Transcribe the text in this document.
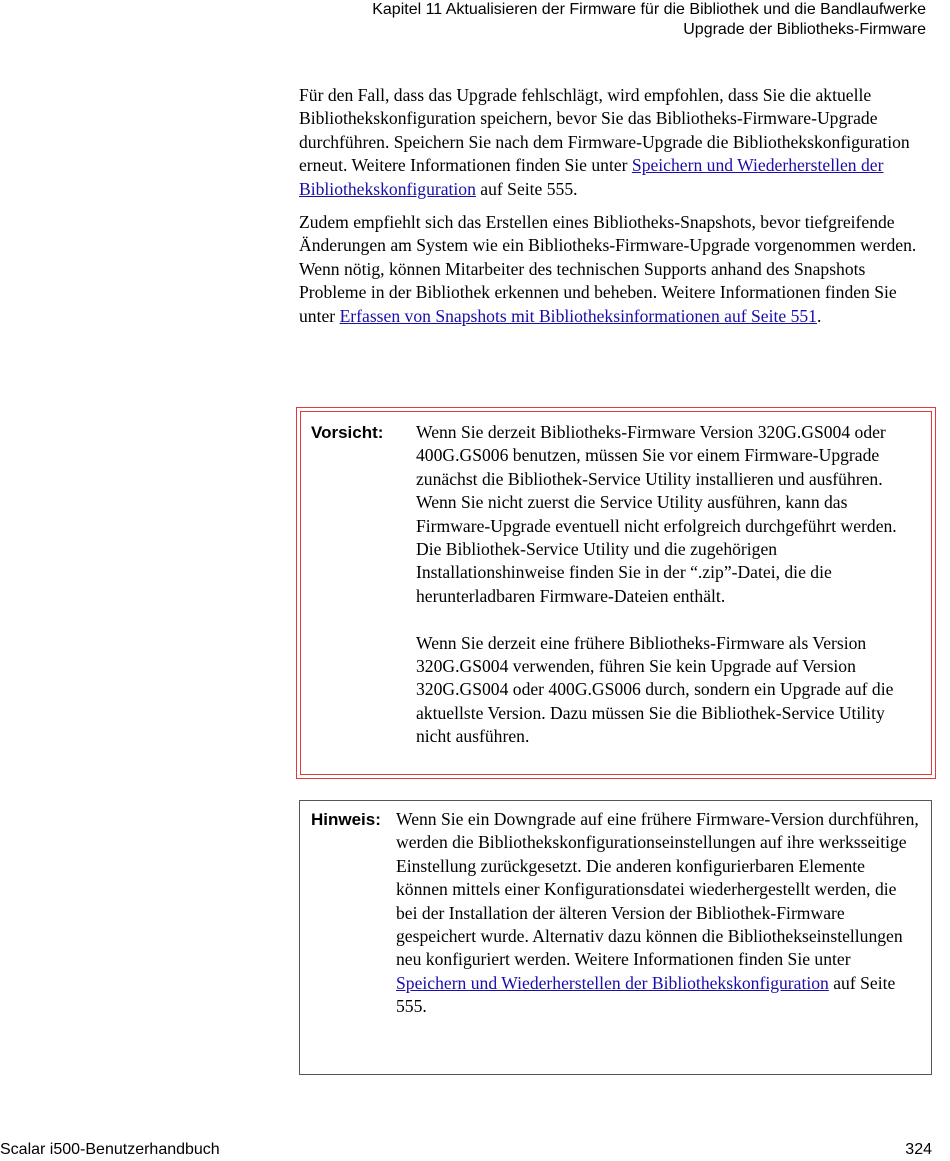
Kapitel 11 Aktualisieren der Firmware für die Bibliothek und die Bandlaufwerke
Upgrade der Bibliotheks-Firmware

Für den Fall, dass das Upgrade fehlschlägt, wird empfohlen, dass Sie die aktuelle Bibliothekskonfiguration speichern, bevor Sie das Bibliotheks-Firmware-Upgrade durchführen. Speichern Sie nach dem Firmware-Upgrade die Bibliothekskonfiguration erneut. Weitere Informationen finden Sie unter Speichern und Wiederherstellen der Bibliothekskonfiguration auf Seite 555.

Zudem empfiehlt sich das Erstellen eines Bibliotheks-Snapshots, bevor tiefgreifende Änderungen am System wie ein Bibliotheks-Firmware-Upgrade vorgenommen werden. Wenn nötig, können Mitarbeiter des technischen Supports anhand des Snapshots Probleme in der Bibliothek erkennen und beheben. Weitere Informationen finden Sie unter Erfassen von Snapshots mit Bibliotheksinformationen auf Seite 551.

Vorsicht: Wenn Sie derzeit Bibliotheks-Firmware Version 320G.GS004 oder 400G.GS006 benutzen, müssen Sie vor einem Firmware-Upgrade zunächst die Bibliothek-Service Utility installieren und ausführen. Wenn Sie nicht zuerst die Service Utility ausführen, kann das Firmware-Upgrade eventuell nicht erfolgreich durchgeführt werden. Die Bibliothek-Service Utility und die zugehörigen Installationshinweise finden Sie in der “.zip”-Datei, die die herunterladbaren Firmware-Dateien enthält.

Wenn Sie derzeit eine frühere Bibliotheks-Firmware als Version 320G.GS004 verwenden, führen Sie kein Upgrade auf Version 320G.GS004 oder 400G.GS006 durch, sondern ein Upgrade auf die aktuellste Version. Dazu müssen Sie die Bibliothek-Service Utility nicht ausführen.

Hinweis: Wenn Sie ein Downgrade auf eine frühere Firmware-Version durchführen, werden die Bibliothekskonfigurationseinstellungen auf ihre werksseitige Einstellung zurückgesetzt. Die anderen konfigurierbaren Elemente können mittels einer Konfigurationsdatei wiederhergestellt werden, die bei der Installation der älteren Version der Bibliothek-Firmware gespeichert wurde. Alternativ dazu können die Bibliothekseinstellungen neu konfiguriert werden. Weitere Informationen finden Sie unter Speichern und Wiederherstellen der Bibliothekskonfiguration auf Seite 555.

Scalar i500-Benutzerhandbuch	324
